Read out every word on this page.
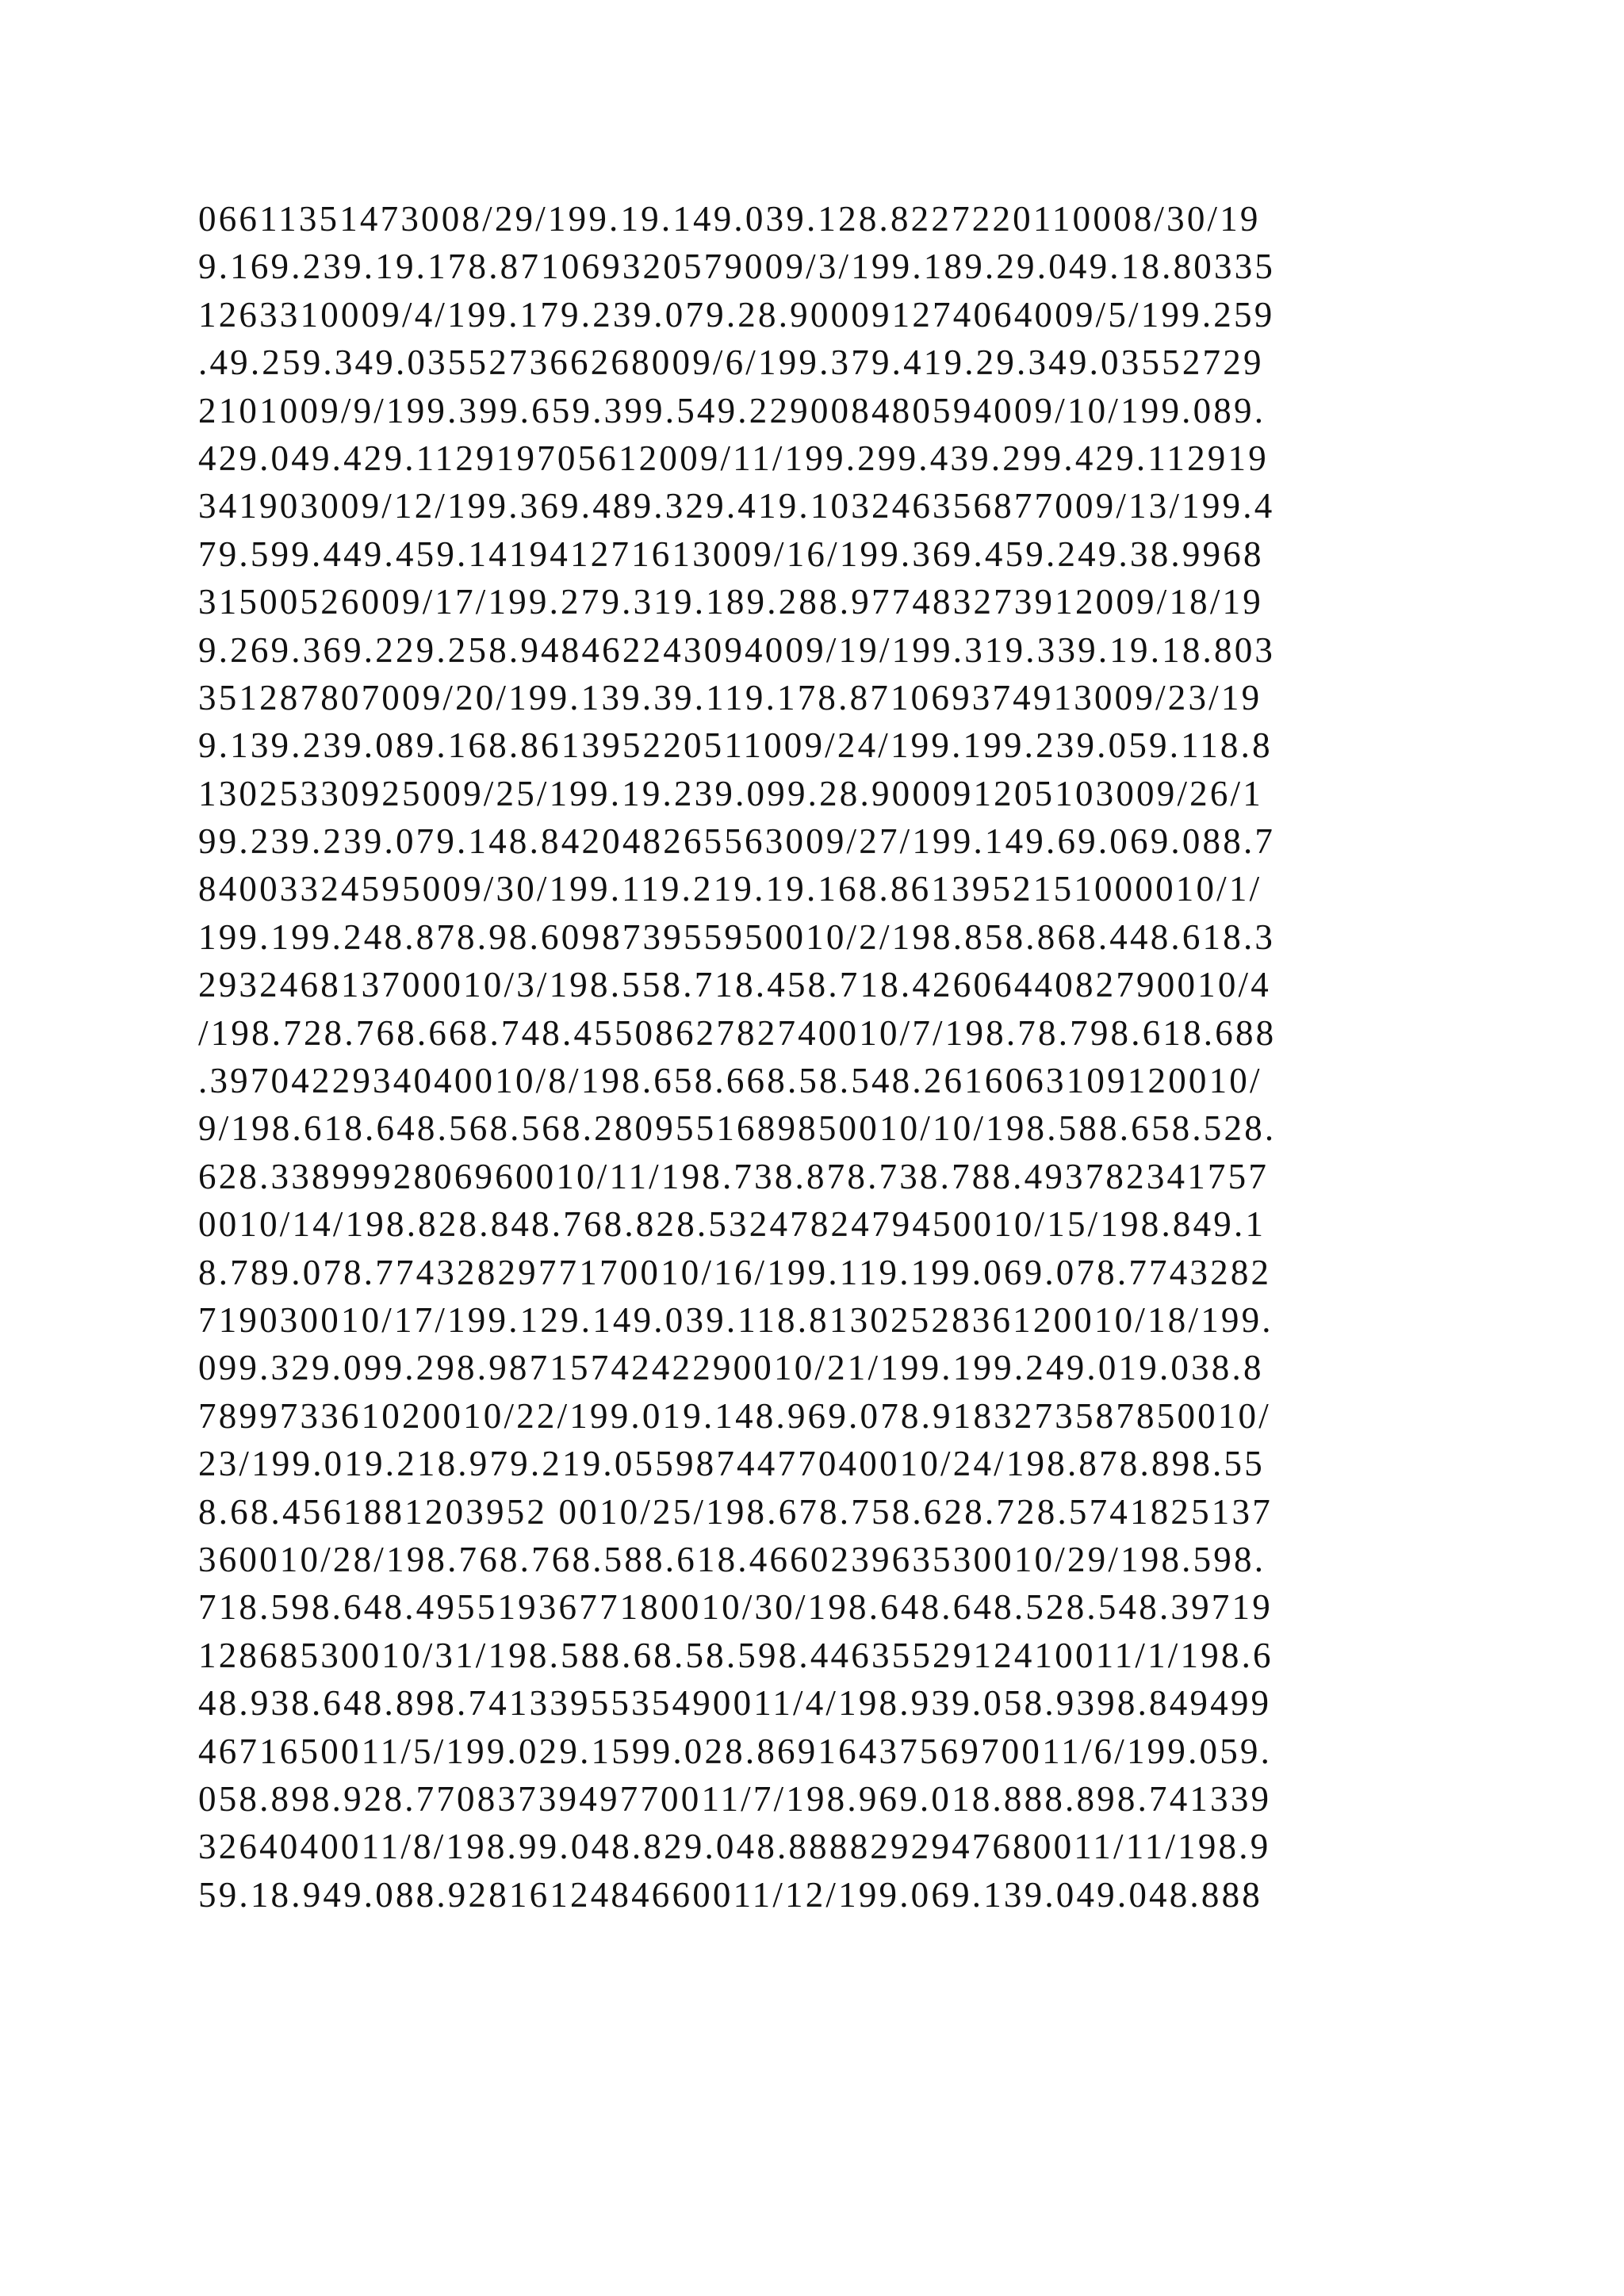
06611351473008/29/199.19.149.039.128.8227220110008/30/19
9.169.239.19.178.871069320579009/3/199.189.29.049.18.80335
1263310009/4/199.179.239.079.28.900091274064009/5/199.259
.49.259.349.035527366268009/6/199.379.419.29.349.03552729
2101009/9/199.399.659.399.549.229008480594009/10/199.089.
429.049.429.112919705612009/11/199.299.439.299.429.112919
341903009/12/199.369.489.329.419.103246356877009/13/199.4
79.599.449.459.141941271613009/16/199.369.459.249.38.9968
31500526009/17/199.279.319.189.288.977483273912009/18/19
9.269.369.229.258.948462243094009/19/199.319.339.19.18.803
351287807009/20/199.139.39.119.178.871069374913009/23/19
9.139.239.089.168.861395220511009/24/199.199.239.059.118.8
13025330925009/25/199.19.239.099.28.900091205103009/26/1
99.239.239.079.148.842048265563009/27/199.149.69.069.088.7
84003324595009/30/199.119.219.19.168.8613952151000010/1/
199.199.248.878.98.609873955950010/2/198.858.868.448.618.3
293246813700010/3/198.558.718.458.718.4260644082790010/4
/198.728.768.668.748.4550862782740010/7/198.78.798.618.688
.3970422934040010/8/198.658.668.58.548.2616063109120010/
9/198.618.648.568.568.2809551689850010/10/198.588.658.528.
628.3389992806960010/11/198.738.878.738.788.493782341757
0010/14/198.828.848.768.828.5324782479450010/15/198.849.1
8.789.078.7743282977170010/16/199.119.199.069.078.7743282
719030010/17/199.129.149.039.118.8130252836120010/18/199.
099.329.099.298.9871574242290010/21/199.199.249.019.038.8
789973361020010/22/199.019.148.969.078.9183273587850010/
23/199.019.218.979.219.0559874477040010/24/198.878.898.55
8.68.4561881203952 0010/25/198.678.758.628.728.5741825137
360010/28/198.768.768.588.618.466023963530010/29/198.598.
718.598.648.4955193677180010/30/198.648.648.528.548.39719
12868530010/31/198.588.68.58.598.4463552912410011/1/198.6
48.938.648.898.7413395535490011/4/198.939.058.9398.849499
4671650011/5/199.029.1599.028.8691643756970011/6/199.059.
058.898.928.7708373949770011/7/198.969.018.888.898.741339
3264040011/8/198.99.048.829.048.8888292947680011/11/198.9
59.18.949.088.9281612484660011/12/199.069.139.049.048.888
